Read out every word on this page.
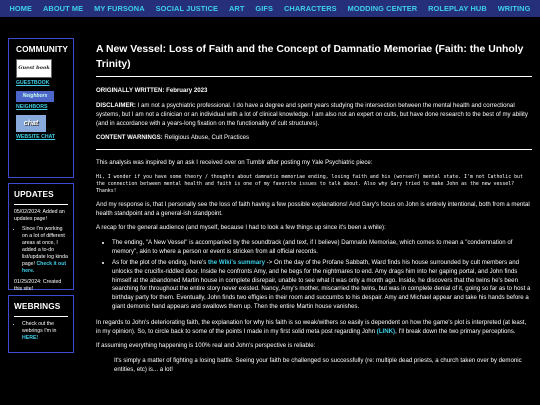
HOME ABOUT ME MY FURSONA SOCIAL JUSTICE ART GIFS CHARACTERS MODDING CENTER ROLEPLAY HUB WRITING
COMMUNITY
Guest book
GUESTBOOK
Neighbors
NEIGHBORS
chat
WEBSITE CHAT
UPDATES

05/02/2024: Added an updates page!

• Since I'm working on a lot of different areas at once, I added a to-do list/update log kinda page! Check it out here.

01/25/2024: Created this site!

WEBRINGS
• Check out the webrings I'm in HERE!
A New Vessel: Loss of Faith and the Concept of Damnatio Memoriae (Faith: the Unholy Trinity)

ORIGINALLY WRITTEN: February 2023

DISCLAIMER: I am not a psychiatric professional. I do have a degree and spent years studying the intersection between the mental health and correctional systems, but I am not a clinician or an individual with a lot of clinical knowledge. I am also not an expert on cults, but have done research to the best of my ability (and in accordance with a years-long fixation on the functionality of cult structures).

CONTENT WARNINGS: Religious Abuse, Cult Practices

This analysis was inspired by an ask I received over on Tumblr after posting my Yale Psychiatric piece:

Hi, I wonder if you have some theory / thoughts about damnatio memoriae ending, losing faith and his (worsen?) mental state. I'm not Catholic but the connection between mental health and faith is one of my favorite issues to talk about. Also why Gary tried to make John as the new vessel? Thanks!

And my response is, that I personally see the loss of faith having a few possible explanations! And Gary's focus on John is entirely intentional, both from a mental health standpoint and a general-ish standpoint.

A recap for the general audience (and myself, because I had to look a few things up since it's been a while):

• The ending, "A New Vessel" is accompanied by the soundtrack (and text, if I believe) Damnatio Memoriae, which comes to mean a "condemnation of memory", akin to where a person or event is stricken from all official records.
• As for the plot of the ending, here's the Wiki's summary -> On the day of the Profane Sabbath, Ward finds his house surrounded by cult members and unlocks the crucifix-riddled door. Inside he confronts Amy, and he begs for the nightmares to end. Amy drags him into her gaping portal, and John finds himself at the abandoned Martin house in complete disrepair, unable to see what it was only a month ago. Inside, he discovers that the twins he's been searching for throughout the entire story never existed. Nancy, Amy's mother, miscarried the twins, but was in complete denial of it, going so far as to host a birthday party for them. Eventually, John finds two effigies in their room and succumbs to his despair. Amy and Michael appear and take his hands before a giant demonic hand appears and swallows them up. Then the entire Martin house vanishes.

In regards to John's deteriorating faith, the explanation for why his faith is so weak/withers so easily is dependent on how the game's plot is interpreted (at least, in my opinion). So, to circle back to some of the points I made in my first solid meta post regarding John (LINK), I'll break down the two primary perceptions.

If assuming everything happening is 100% real and John's perspective is reliable:

It's simply a matter of fighting a losing battle. Seeing your faith be challenged so successfully (re: multiple dead priests, a church taken over by demonic entities, etc) is... a lot!
